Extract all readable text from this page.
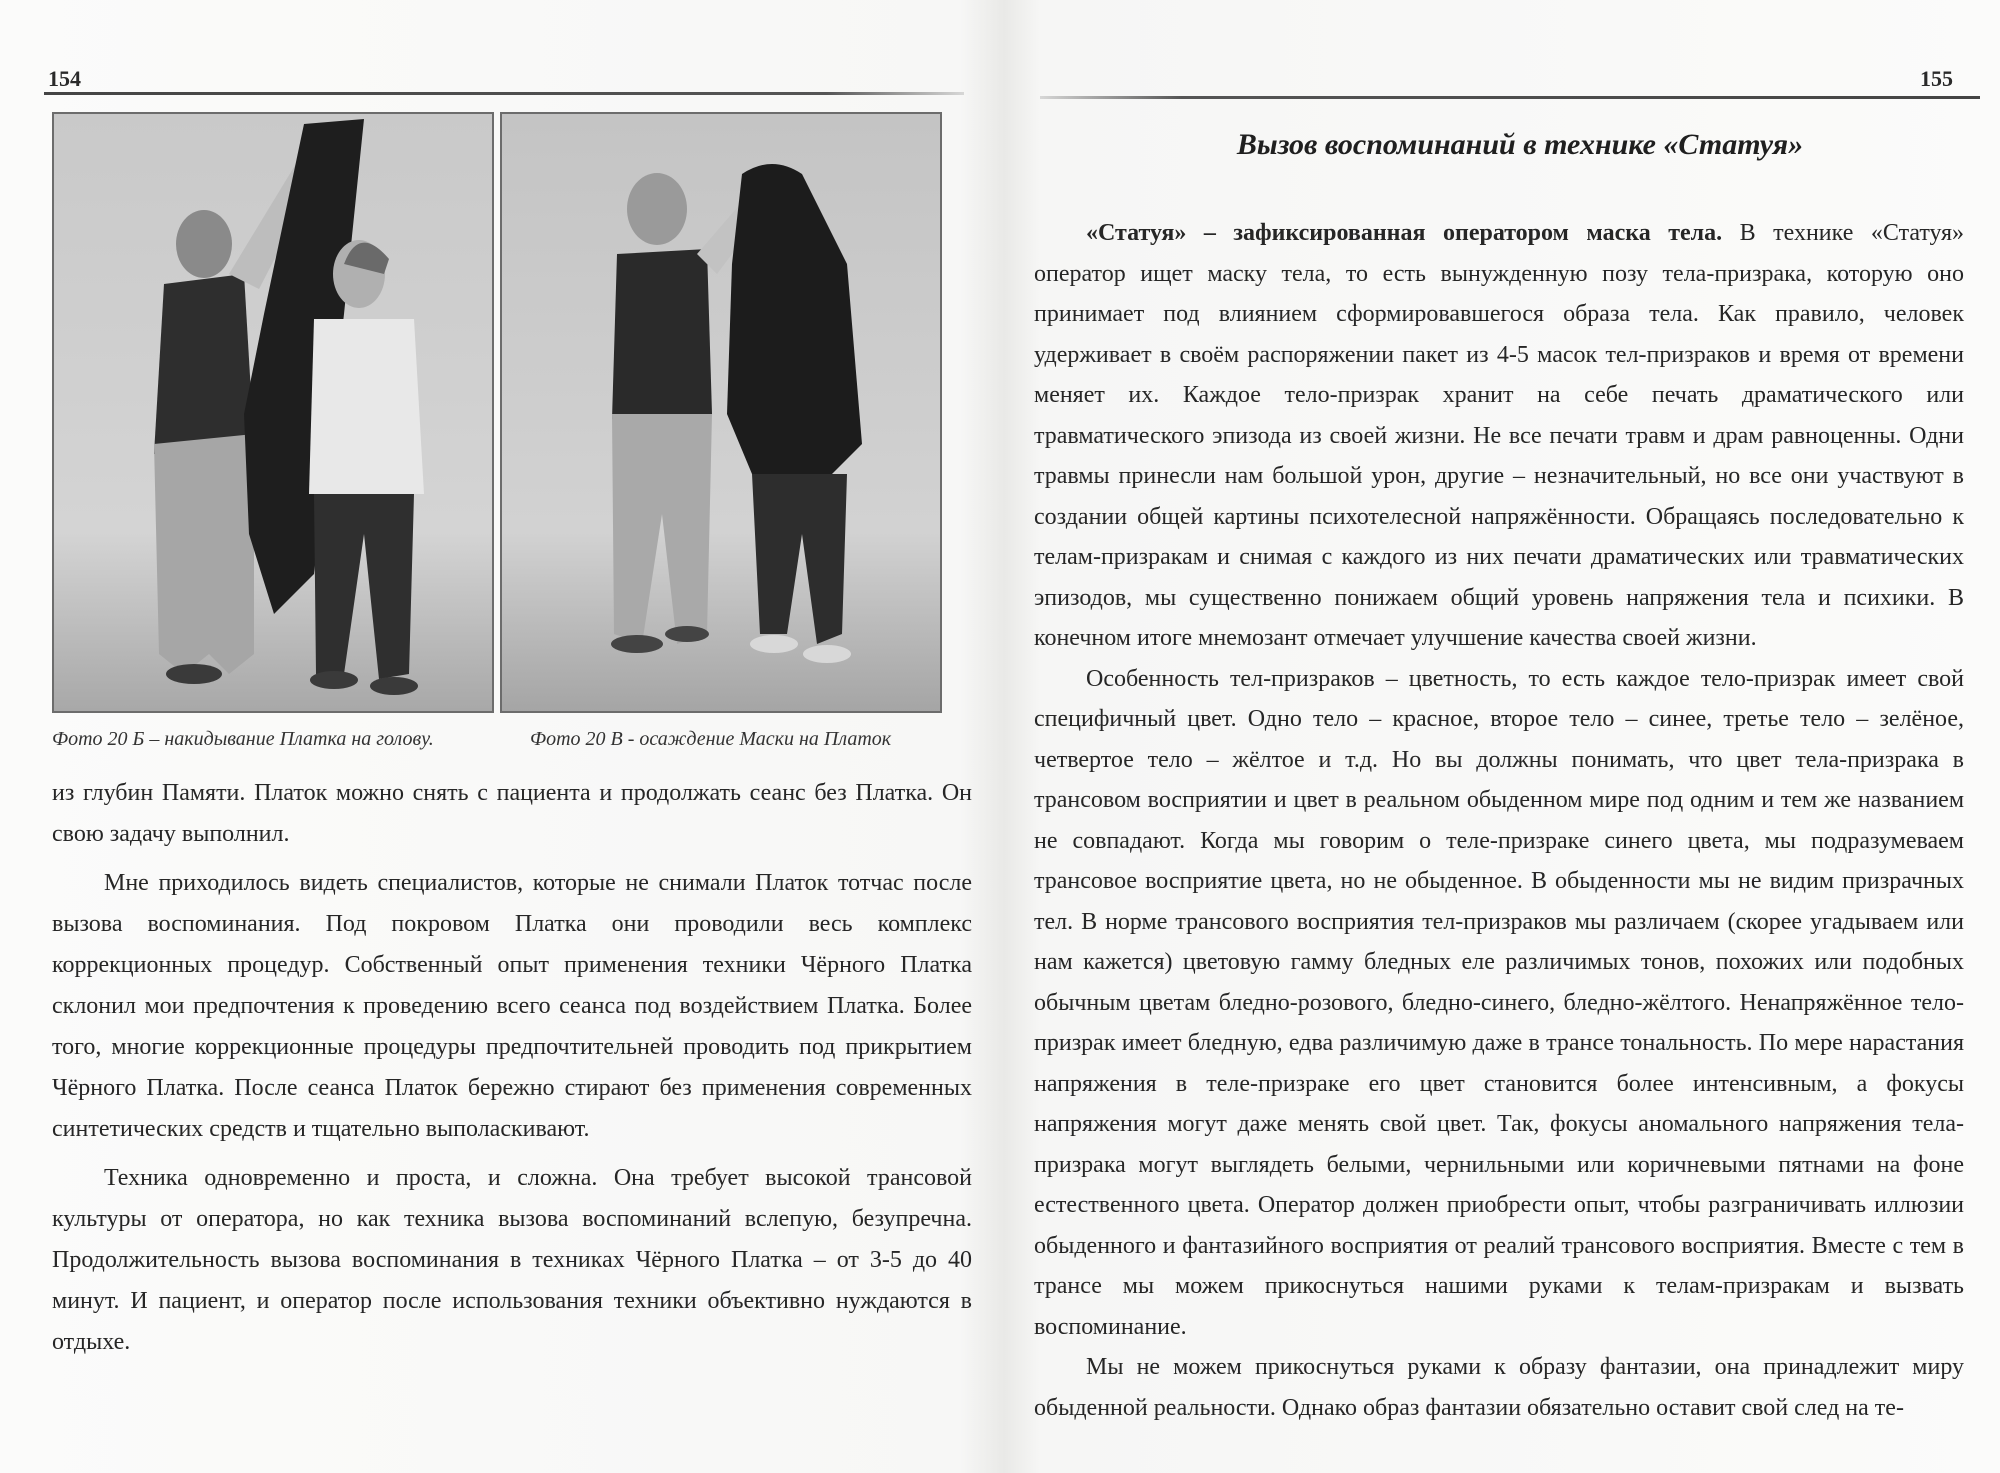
154
Фото 20 Б – накидывание Платка на голову.	Фото 20 В - осаждение Маски на Платок

из глубин Памяти. Платок можно снять с пациента и продолжать сеанс без Платка. Он свою задачу выполнил.

Мне приходилось видеть специалистов, которые не снимали Платок тотчас после вызова воспоминания. Под покровом Платка они проводили весь комплекс коррекционных процедур. Собственный опыт применения техники Чёрного Платка склонил мои предпочтения к проведению всего сеанса под воздействием Платка. Более того, многие коррекционные процедуры предпочтительней проводить под прикрытием Чёрного Платка. После сеанса Платок бережно стирают без применения современных синтетических средств и тщательно выполаскивают.

Техника одновременно и проста, и сложна. Она требует высокой трансовой культуры от оператора, но как техника вызова воспоминаний вслепую, безупречна. Продолжительность вызова воспоминания в техниках Чёрного Платка – от 3-5 до 40 минут. И пациент, и оператор после использования техники объективно нуждаются в отдыхе.

155
Вызов воспоминаний в технике «Статуя»

«Статуя» – зафиксированная оператором маска тела. В технике «Статуя» оператор ищет маску тела, то есть вынужденную позу тела-призрака, которую оно принимает под влиянием сформировавшегося образа тела. Как правило, человек удерживает в своём распоряжении пакет из 4-5 масок тел-призраков и время от времени меняет их. Каждое тело-призрак хранит на себе печать драматического или травматического эпизода из своей жизни. Не все печати травм и драм равноценны. Одни травмы принесли нам большой урон, другие – незначительный, но все они участвуют в создании общей картины психотелесной напряжённости. Обращаясь последовательно к телам-призракам и снимая с каждого из них печати драматических или травматических эпизодов, мы существенно понижаем общий уровень напряжения тела и психики. В конечном итоге мнемозант отмечает улучшение качества своей жизни.

Особенность тел-призраков – цветность, то есть каждое тело-призрак имеет свой специфичный цвет. Одно тело – красное, второе тело – синее, третье тело – зелёное, четвертое тело – жёлтое и т.д. Но вы должны понимать, что цвет тела-призрака в трансовом восприятии и цвет в реальном обыденном мире под одним и тем же названием не совпадают. Когда мы говорим о теле-призраке синего цвета, мы подразумеваем трансовое восприятие цвета, но не обыденное. В обыденности мы не видим призрачных тел. В норме трансового восприятия тел-призраков мы различаем (скорее угадываем или нам кажется) цветовую гамму бледных еле различимых тонов, похожих или подобных обычным цветам бледно-розового, бледно-синего, бледно-жёлтого. Ненапряжённое тело-призрак имеет бледную, едва различимую даже в трансе тональность. По мере нарастания напряжения в теле-призраке его цвет становится более интенсивным, а фокусы напряжения могут даже менять свой цвет. Так, фокусы аномального напряжения тела-призрака могут выглядеть белыми, чернильными или коричневыми пятнами на фоне естественного цвета. Оператор должен приобрести опыт, чтобы разграничивать иллюзии обыденного и фантазийного восприятия от реалий трансового восприятия. Вместе с тем в трансе мы можем прикоснуться нашими руками к телам-призракам и вызвать воспоминание.

Мы не можем прикоснуться руками к образу фантазии, она принадлежит миру обыденной реальности. Однако образ фантазии обязательно оставит свой след на те-
